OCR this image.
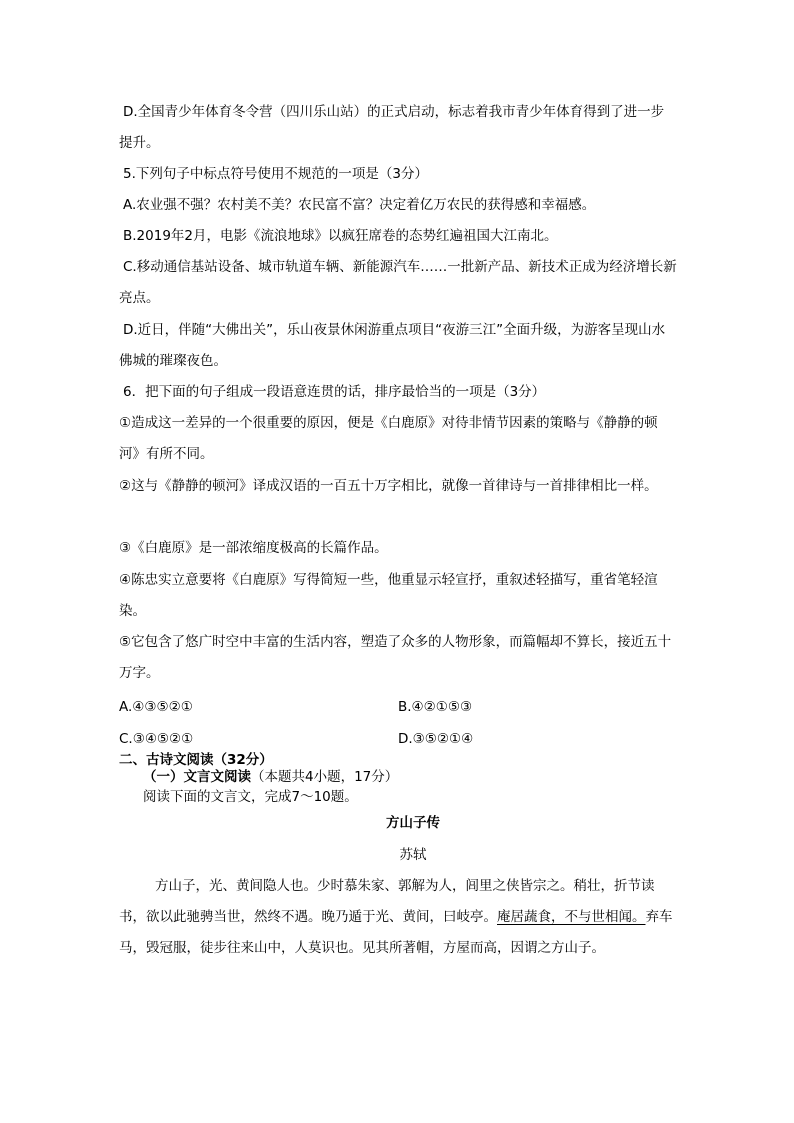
D.全国青少年体育冬令营（四川乐山站）的正式启动，标志着我市青少年体育得到了进一步提升。
5.下列句子中标点符号使用不规范的一项是（3分）
A.农业强不强？农村美不美？农民富不富？决定着亿万农民的获得感和幸福感。
B.2019年2月，电影《流浪地球》以疯狂席卷的态势红遍祖国大江南北。
C.移动通信基站设备、城市轨道车辆、新能源汽车……一批新产品、新技术正成为经济增长新亮点。
D.近日，伴随“大佛出关”，乐山夜景休闲游重点项目“夜游三江”全面升级，为游客呈现山水佛城的璀璨夜色。
6．把下面的句子组成一段语意连贯的话，排序最恰当的一项是（3分）
①造成这一差异的一个很重要的原因，便是《白鹿原》对待非情节因素的策略与《静静的顿河》有所不同。
②这与《静静的顿河》译成汉语的一百五十万字相比，就像一首律诗与一首排律相比一样。
③《白鹿原》是一部浓缩度极高的长篇作品。
④陈忠实立意要将《白鹿原》写得简短一些，他重显示轻宣抒，重叙述轻描写，重省笔轻渲染。
⑤它包含了悠广时空中丰富的生活内容，塑造了众多的人物形象，而篇幅却不算长，接近五十万字。
A.④③⑤②①	B.④②①⑤③
C.③④⑤②①	D.③⑤②①④
二、古诗文阅读（32分）
（一）文言文阅读（本题共4小题，17分）
阅读下面的文言文，完成7～10题。
方山子传
苏轼
方山子，光、黄间隐人也。少时慕朱家、郭解为人，闾里之侠皆宗之。稍壮，折节读书，欲以此驰骋当世，然终不遇。晚乃遁于光、黄间，曰岐亭。庵居蔬食，不与世相闻。弃车马，毁冠服，徒步往来山中，人莫识也。见其所著帽，方屋而高，因谓之方山子。
